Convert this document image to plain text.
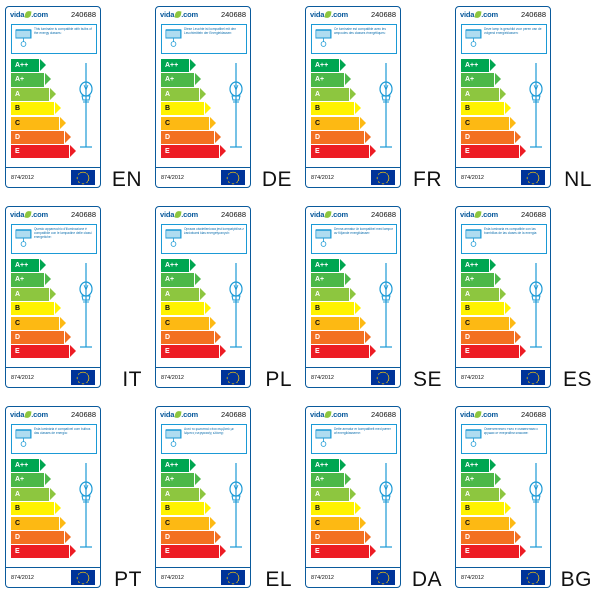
vida .com	240688
This luminaire is compatible with bulbs of the energy classes:
A++
A+
A
B
C
D
E
874/2012	EN
vida .com	240688
Diese Leuchte ist kompatibel mit den Leuchtmitteln der Energieklassen:
A++
A+
A
B
C
D
E
874/2012	DE
vida .com	240688
Ce luminaire est compatible avec les ampoules des classes énergétiques:
A++
A+
A
B
C
D
E
874/2012	FR
vida .com	240688
Deze lamp is geschikt voor peren van de volgend energieklassen:
A++
A+
A
B
C
D
E
874/2012	NL
vida .com	240688
Questo apparecchio d'illuminazione è compatibile con le lampadine delle classi energetiche:
A++
A+
A
B
C
D
E
874/2012	IT
vida .com	240688
Oprawa oświetleniowa jest kompatybilna z żarówkami klas energetycznych:
A++
A+
A
B
C
D
E
874/2012	PL
vida .com	240688
Denna armatur är kompatibel med lampor av följande energiklasser:
A++
A+
A
B
C
D
E
874/2012	SE
vida .com	240688
Esta luminaria es compatible con las bombillas de las clases de la energía:
A++
A+
A
B
C
D
E
874/2012	ES
vida .com	240688
Esta luminária é compatível com bulbos das classes de energia:
A++
A+
A
B
C
D
E
874/2012	PT
vida .com	240688
Αυτό το φωτιστικό είναι συμβατό με λάμπες ενεργειακής κλάσης:
A++
A+
A
B
C
D
E
874/2012	EL
vida .com	240688
Dette armatur er kompatibelt med pærer af energiklasserne:
A++
A+
A
B
C
D
E
874/2012	DA
vida .com	240688
Осветителното тяло е съвместимо с крушки от енергийни класове:
A++
A+
A
B
C
D
E
874/2012	BG
